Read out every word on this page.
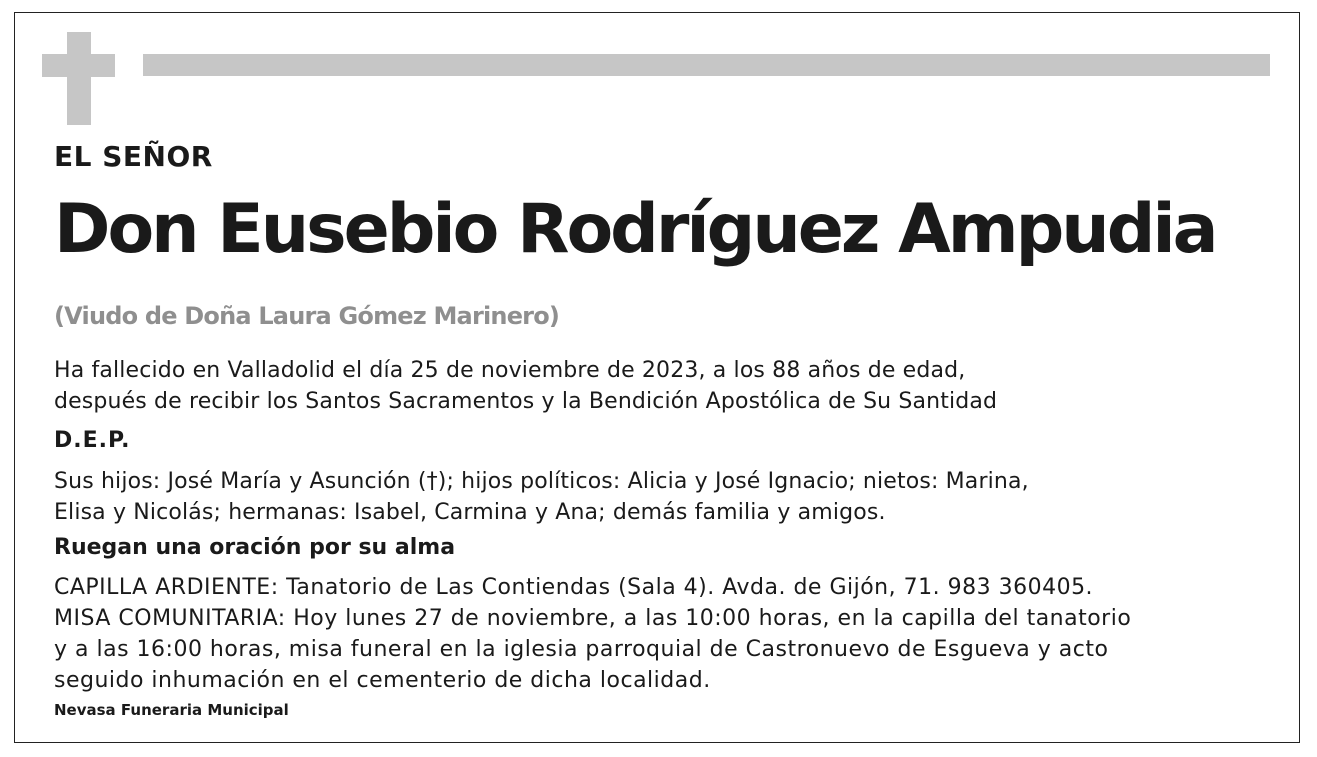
EL SEÑOR

Don Eusebio Rodríguez Ampudia

(Viudo de Doña Laura Gómez Marinero)

Ha fallecido en Valladolid el día 25 de noviembre de 2023, a los 88 años de edad,
después de recibir los Santos Sacramentos y la Bendición Apostólica de Su Santidad

D.E.P.

Sus hijos: José María y Asunción (†); hijos políticos: Alicia y José Ignacio; nietos: Marina,
Elisa y Nicolás; hermanas: Isabel, Carmina y Ana; demás familia y amigos.

Ruegan una oración por su alma

CAPILLA ARDIENTE: Tanatorio de Las Contiendas (Sala 4). Avda. de Gijón, 71. 983 360405.
MISA COMUNITARIA: Hoy lunes 27 de noviembre, a las 10:00 horas, en la capilla del tanatorio
y a las 16:00 horas, misa funeral en la iglesia parroquial de Castronuevo de Esgueva y acto
seguido inhumación en el cementerio de dicha localidad.

Nevasa Funeraria Municipal
